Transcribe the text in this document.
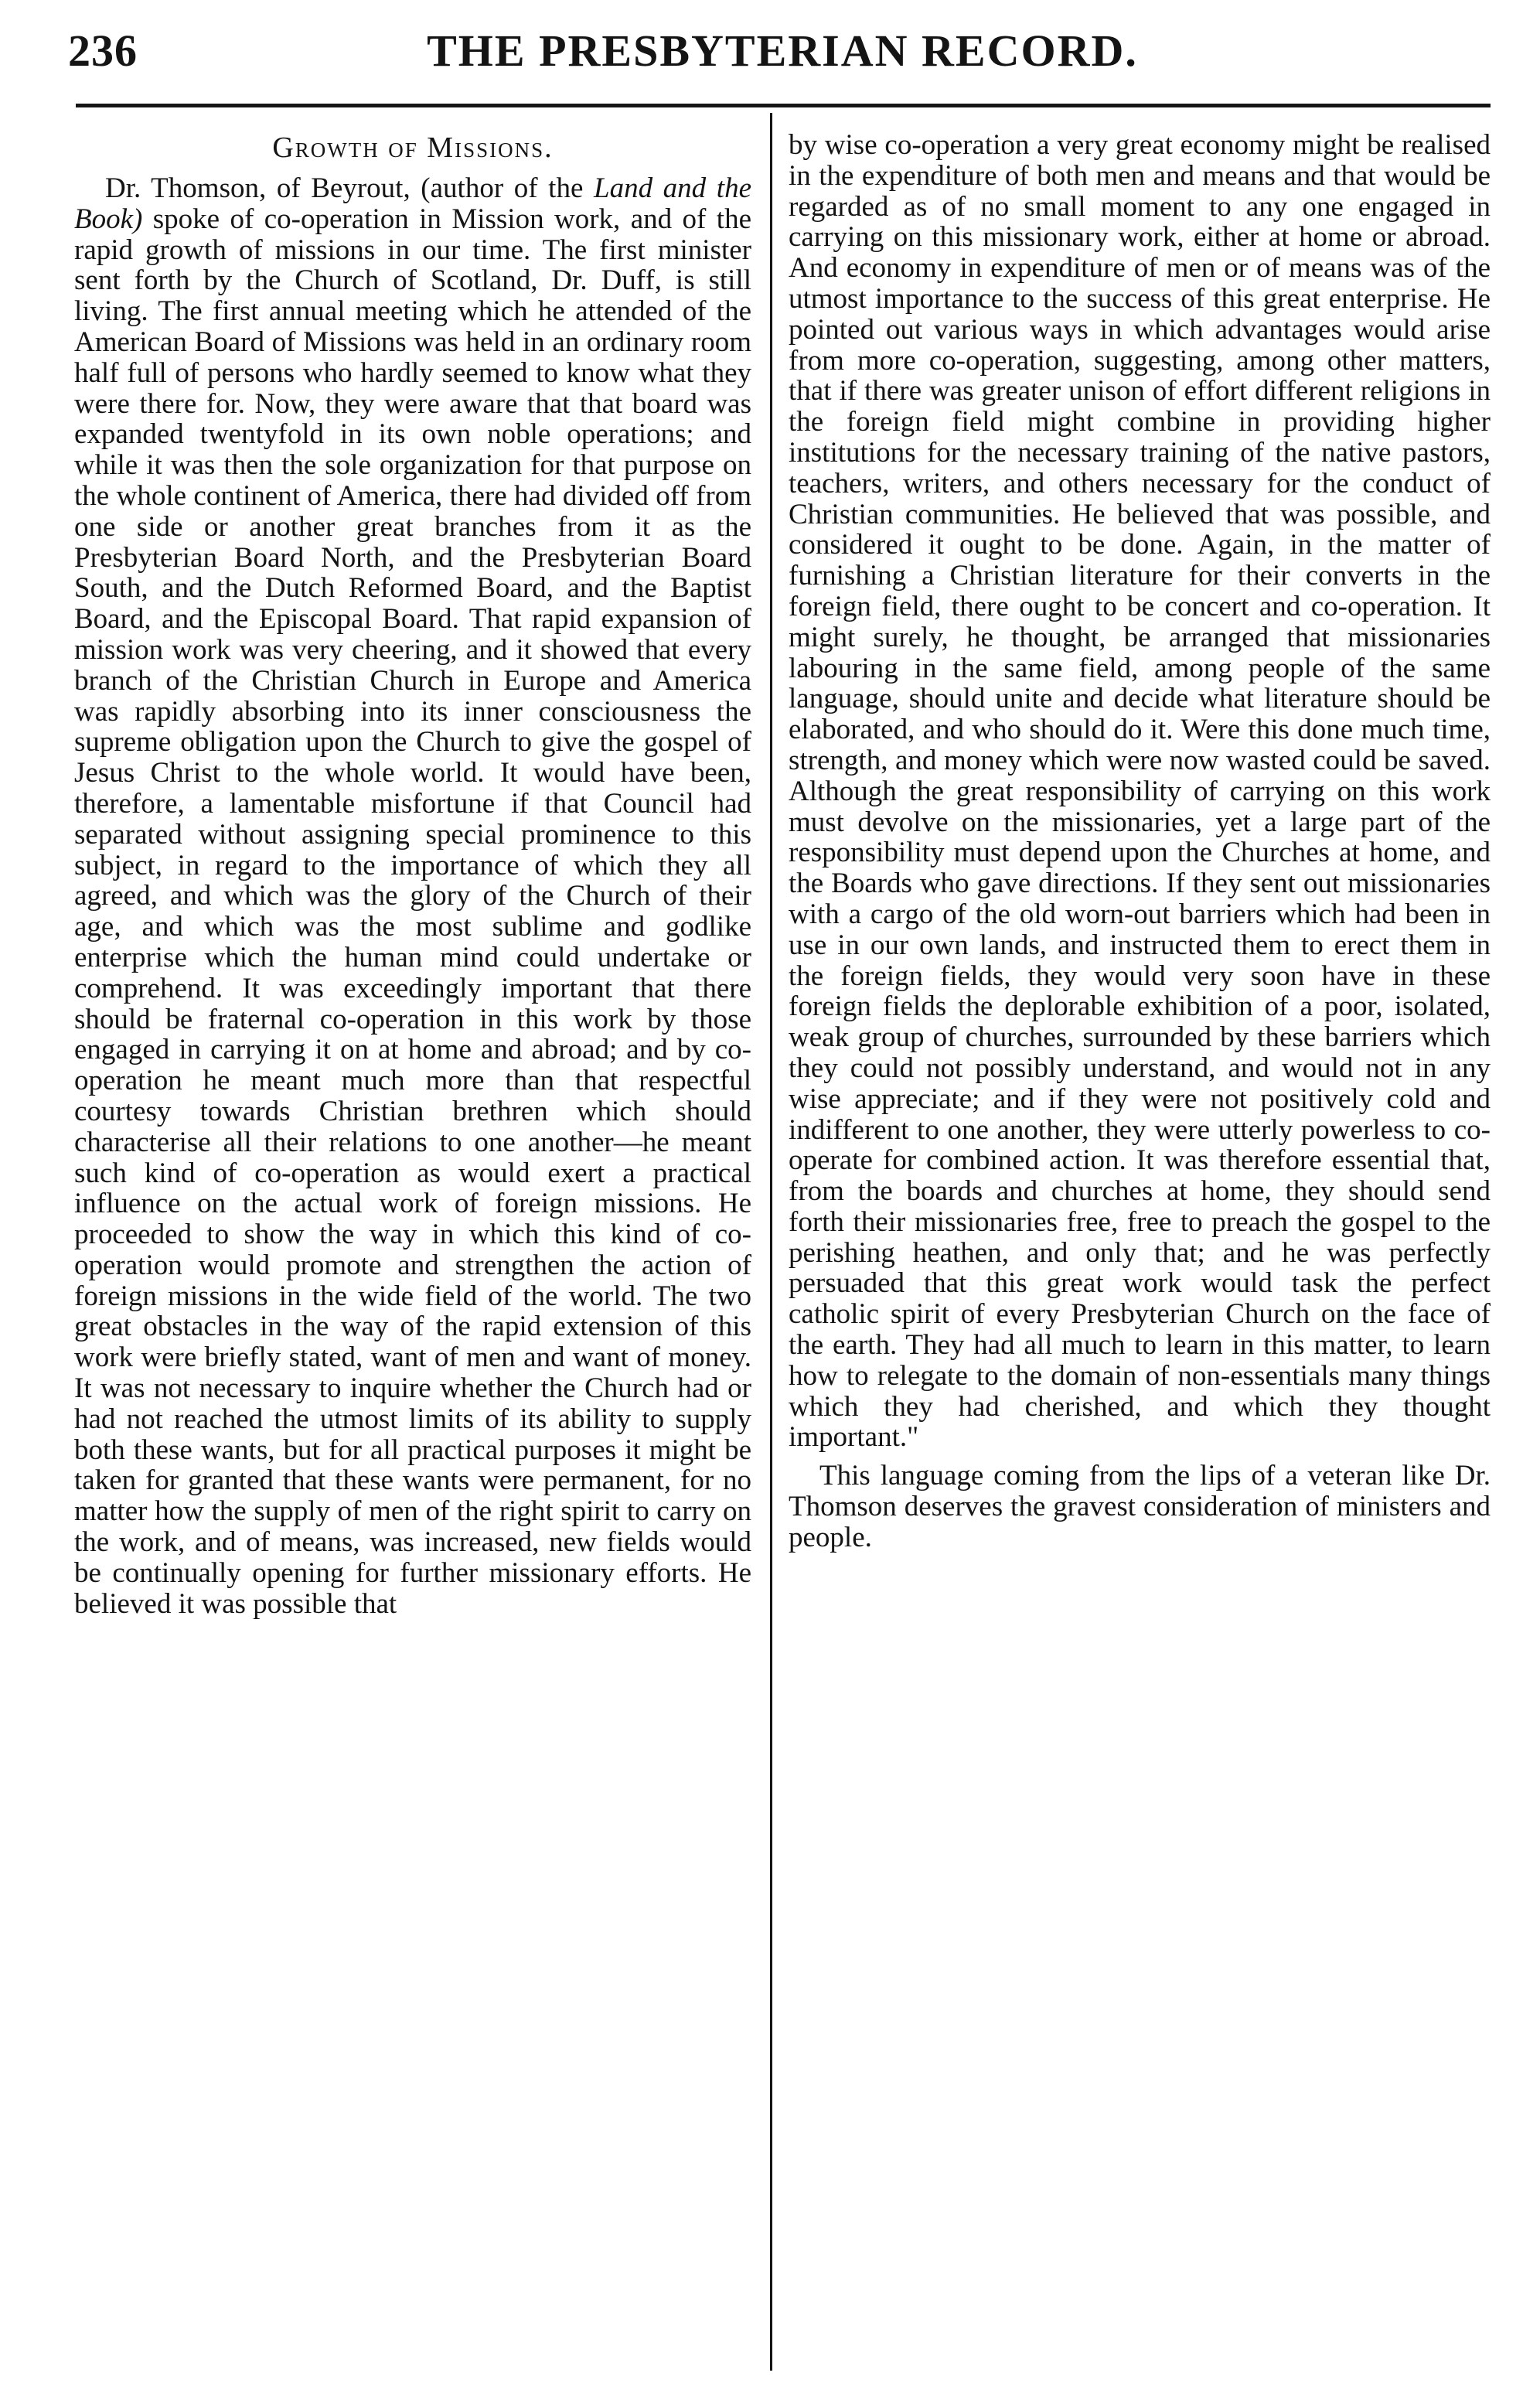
236	THE PRESBYTERIAN RECORD.
Growth of Missions.

Dr. Thomson, of Beyrout, (author of the Land and the Book) spoke of co-operation in Mission work, and of the rapid growth of missions in our time. The first minister sent forth by the Church of Scotland, Dr. Duff, is still living. The first annual meeting which he attended of the American Board of Missions was held in an ordinary room half full of persons who hardly seemed to know what they were there for. Now, they were aware that that board was expanded twentyfold in its own noble operations; and while it was then the sole organization for that purpose on the whole continent of America, there had divided off from one side or another great branches from it as the Presbyterian Board North, and the Presbyterian Board South, and the Dutch Reformed Board, and the Baptist Board, and the Episcopal Board. That rapid expansion of mission work was very cheering, and it showed that every branch of the Christian Church in Europe and America was rapidly absorbing into its inner consciousness the supreme obligation upon the Church to give the gospel of Jesus Christ to the whole world. It would have been, therefore, a lamentable misfortune if that Council had separated without assigning special prominence to this subject, in regard to the importance of which they all agreed, and which was the glory of the Church of their age, and which was the most sublime and godlike enterprise which the human mind could undertake or comprehend. It was exceedingly important that there should be fraternal co-operation in this work by those engaged in carrying it on at home and abroad; and by co-operation he meant much more than that respectful courtesy towards Christian brethren which should characterise all their relations to one another—he meant such kind of co-operation as would exert a practical influence on the actual work of foreign missions. He proceeded to show the way in which this kind of co-operation would promote and strengthen the action of foreign missions in the wide field of the world. The two great obstacles in the way of the rapid extension of this work were briefly stated, want of men and want of money. It was not necessary to inquire whether the Church had or had not reached the utmost limits of its ability to supply both these wants, but for all practical purposes it might be taken for granted that these wants were permanent, for no matter how the supply of men of the right spirit to carry on the work, and of means, was increased, new fields would be continually opening for further missionary efforts. He believed it was possible that

by wise co-operation a very great economy might be realised in the expenditure of both men and means and that would be regarded as of no small moment to any one engaged in carrying on this missionary work, either at home or abroad. And economy in expenditure of men or of means was of the utmost importance to the success of this great enterprise. He pointed out various ways in which advantages would arise from more co-operation, suggesting, among other matters, that if there was greater unison of effort different religions in the foreign field might combine in providing higher institutions for the necessary training of the native pastors, teachers, writers, and others necessary for the conduct of Christian communities. He believed that was possible, and considered it ought to be done. Again, in the matter of furnishing a Christian literature for their converts in the foreign field, there ought to be concert and co-operation. It might surely, he thought, be arranged that missionaries labouring in the same field, among people of the same language, should unite and decide what literature should be elaborated, and who should do it. Were this done much time, strength, and money which were now wasted could be saved. Although the great responsibility of carrying on this work must devolve on the missionaries, yet a large part of the responsibility must depend upon the Churches at home, and the Boards who gave directions. If they sent out missionaries with a cargo of the old worn-out barriers which had been in use in our own lands, and instructed them to erect them in the foreign fields, they would very soon have in these foreign fields the deplorable exhibition of a poor, isolated, weak group of churches, surrounded by these barriers which they could not possibly understand, and would not in any wise appreciate; and if they were not positively cold and indifferent to one another, they were utterly powerless to co-operate for combined action. It was therefore essential that, from the boards and churches at home, they should send forth their missionaries free, free to preach the gospel to the perishing heathen, and only that; and he was perfectly persuaded that this great work would task the perfect catholic spirit of every Presbyterian Church on the face of the earth. They had all much to learn in this matter, to learn how to relegate to the domain of non-essentials many things which they had cherished, and which they thought important."

This language coming from the lips of a veteran like Dr. Thomson deserves the gravest consideration of ministers and people.
